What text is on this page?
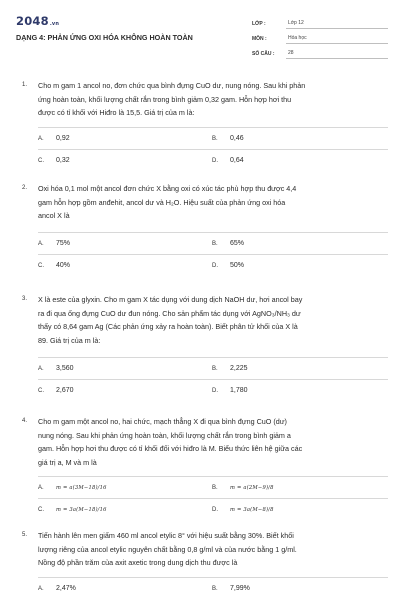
2048.vn
DẠNG 4: PHẢN ỨNG OXI HÓA KHÔNG HOÀN TOÀN
LỚP :	Lớp 12
MÔN :	Hóa học
SỐ CÂU :	28
1. Cho m gam 1 ancol no, đơn chức qua bình đựng CuO dư, nung nóng. Sau khi phản
ứng hoàn toàn, khối lượng chất rắn trong bình giảm 0,32 gam. Hỗn hợp hơi thu
được có tỉ khối với Hiđro là 15,5. Giá trị của m là:
A. 0,92	B. 0,46
C. 0,32	D. 0,64
2. Oxi hóa 0,1 mol một ancol đơn chức X bằng oxi có xúc tác phù hợp thu được 4,4
gam hỗn hợp gồm anđehit, ancol dư và H₂O. Hiệu suất của phản ứng oxi hóa
ancol X là
A. 75%	B. 65%
C. 40%	D. 50%
3. X là este của glyxin. Cho m gam X tác dụng với dung dịch NaOH dư, hơi ancol bay
ra đi qua ống đựng CuO dư đun nóng. Cho sản phẩm tác dụng với AgNO₃/NH₃ dư
thấy có 8,64 gam Ag (Các phản ứng xảy ra hoàn toàn). Biết phân tử khối của X là
89. Giá trị của m là:
A. 3,560	B. 2,225
C. 2,670	D. 1,780
4. Cho m gam một ancol no, hai chức, mạch thẳng X đi qua bình đựng CuO (dư)
nung nóng. Sau khi phản ứng hoàn toàn, khối lượng chất rắn trong bình giảm a
gam. Hỗn hợp hơi thu được có tỉ khối đối với hiđro là M. Biểu thức liên hệ giữa các
giá trị a, M và m là
A. m = a(3M−18)/16	B. m = a(2M−9)/8
C. m = 3a(M−18)/16	D. m = 3a(M−8)/8
5. Tiến hành lên men giấm 460 ml ancol etylic 8° với hiệu suất bằng 30%. Biết khối
lượng riêng của ancol etylic nguyên chất bằng 0,8 g/ml và của nước bằng 1 g/ml.
Nồng độ phần trăm của axit axetic trong dung dịch thu được là
A. 2,47%	B. 7,99%
